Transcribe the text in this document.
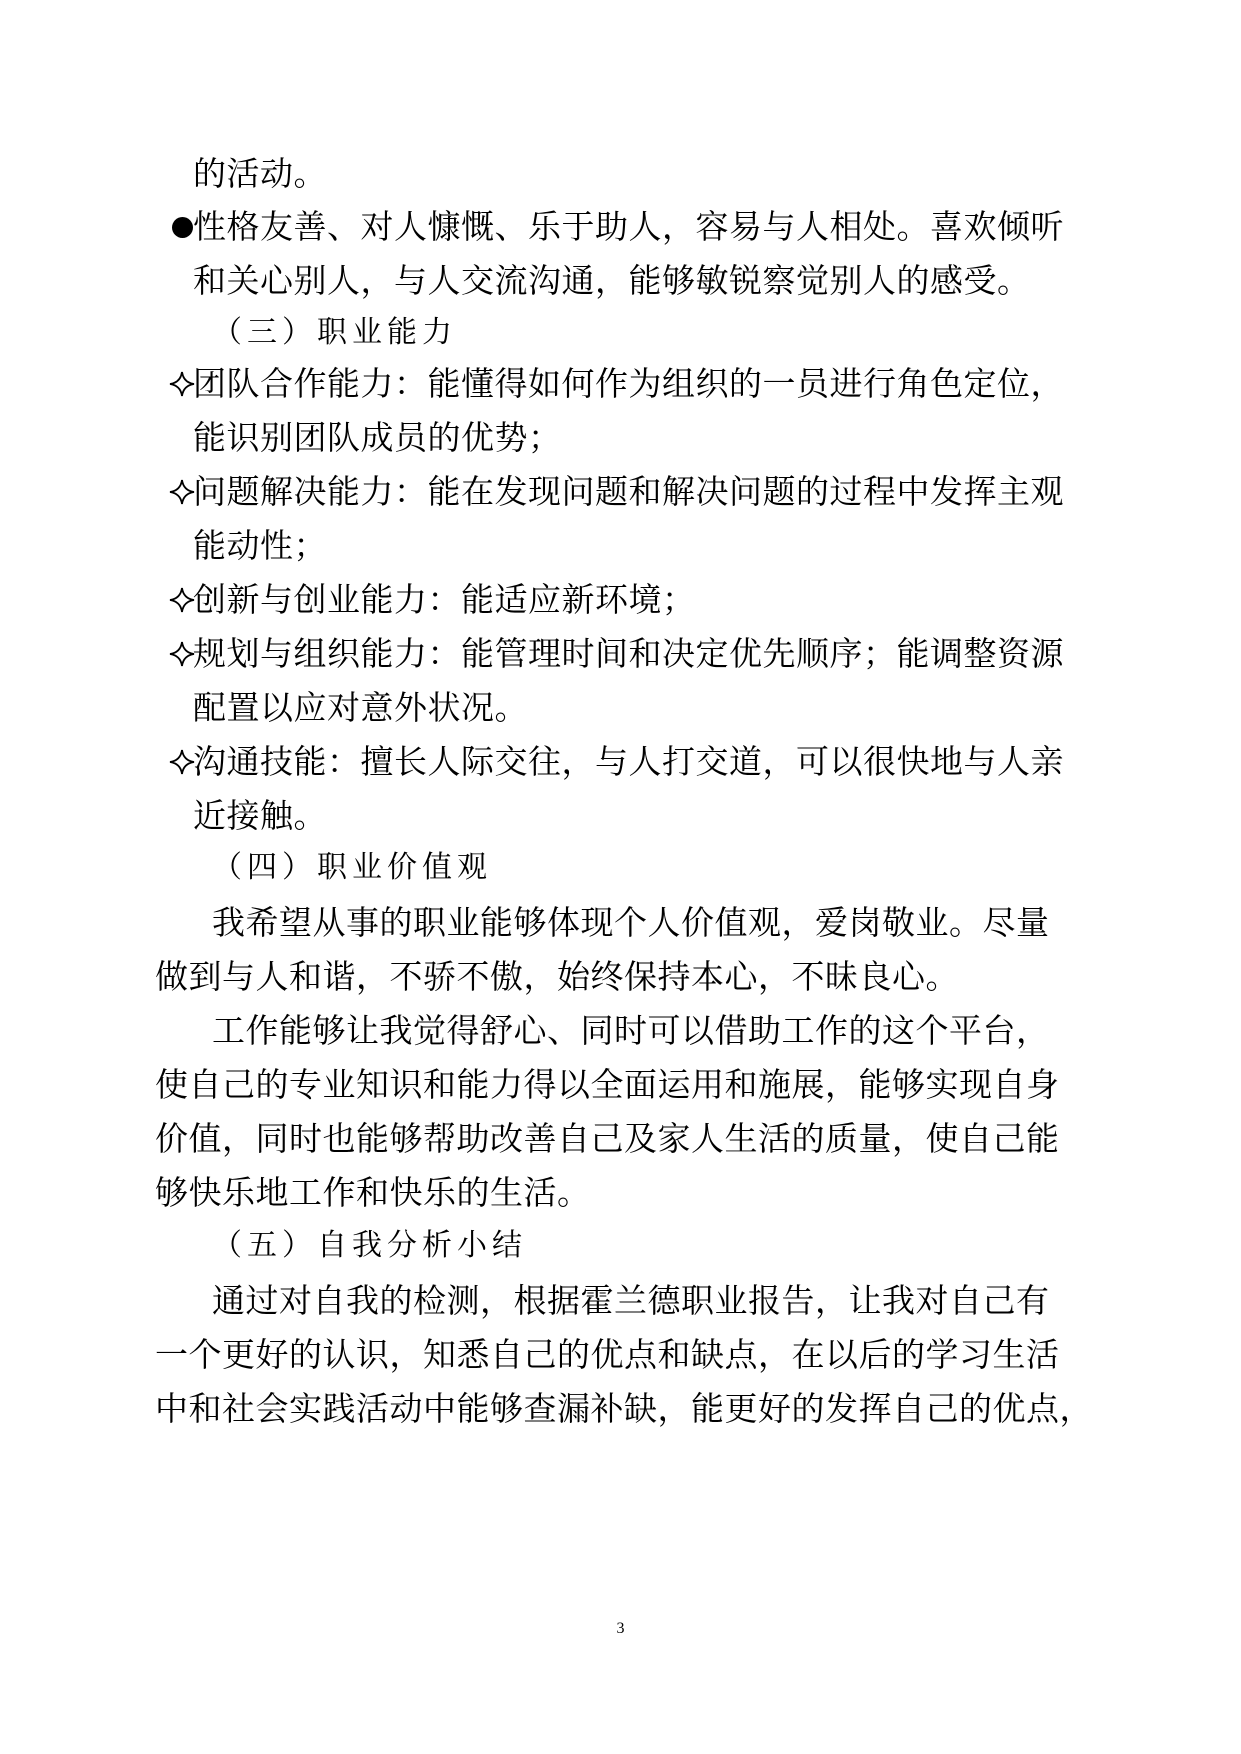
的活动。
性格友善、对人慷慨、乐于助人，容易与人相处。喜欢倾听
和关心别人，与人交流沟通，能够敏锐察觉别人的感受。
（三）职业能力
团队合作能力：能懂得如何作为组织的一员进行角色定位，
能识别团队成员的优势；
问题解决能力：能在发现问题和解决问题的过程中发挥主观
能动性；
创新与创业能力：能适应新环境；
规划与组织能力：能管理时间和决定优先顺序；能调整资源
配置以应对意外状况。
沟通技能：擅长人际交往，与人打交道，可以很快地与人亲
近接触。
（四）职业价值观
我希望从事的职业能够体现个人价值观，爱岗敬业。尽量
做到与人和谐，不骄不傲，始终保持本心，不昧良心。
工作能够让我觉得舒心、同时可以借助工作的这个平台，
使自己的专业知识和能力得以全面运用和施展，能够实现自身
价值，同时也能够帮助改善自己及家人生活的质量，使自己能
够快乐地工作和快乐的生活。
（五）自我分析小结
通过对自我的检测，根据霍兰德职业报告，让我对自己有
一个更好的认识，知悉自己的优点和缺点，在以后的学习生活
中和社会实践活动中能够查漏补缺，能更好的发挥自己的优点，
3
